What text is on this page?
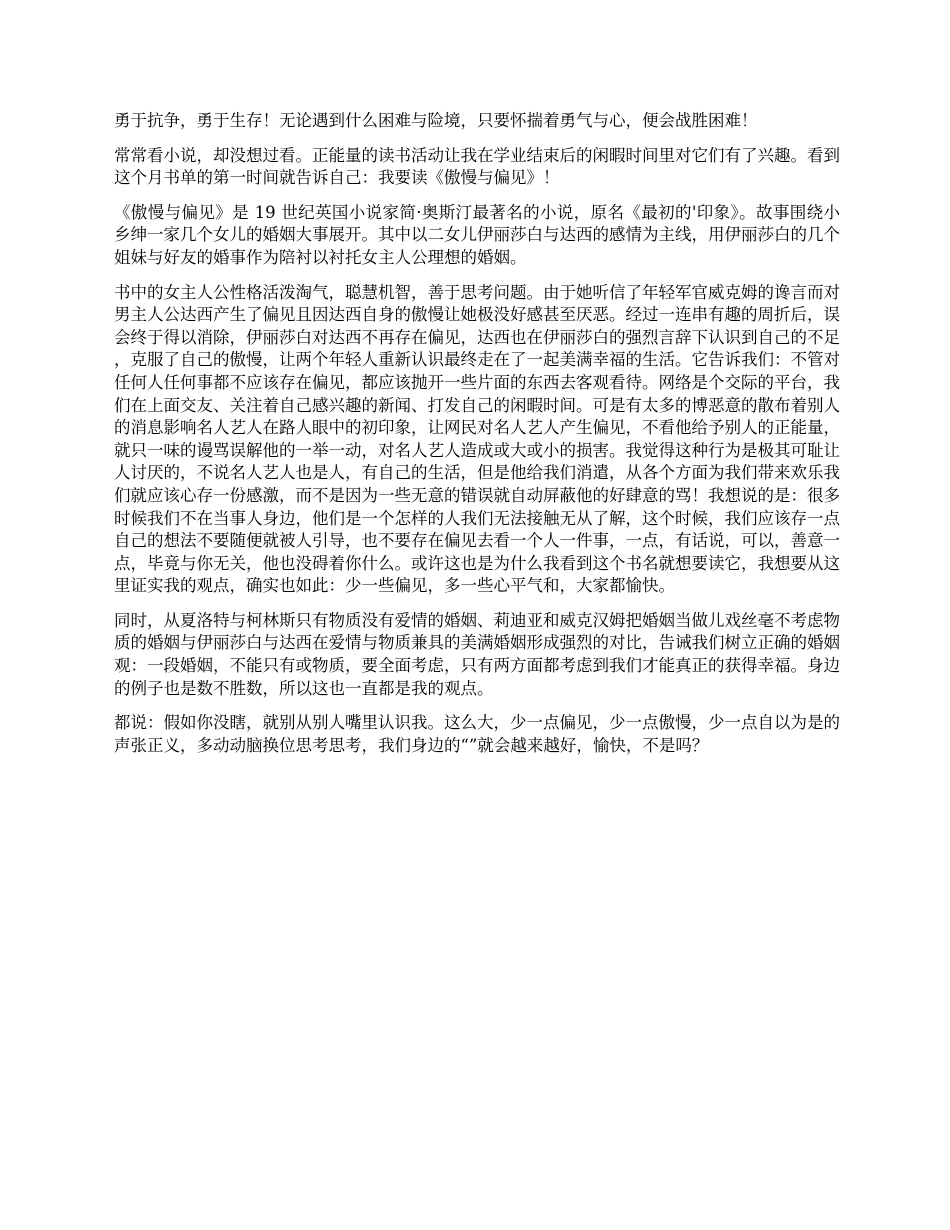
勇于抗争，勇于生存！无论遇到什么困难与险境，只要怀揣着勇气与心，便会战胜困难！

常常看小说，却没想过看。正能量的读书活动让我在学业结束后的闲暇时间里对它们有了兴趣。看到这个月书单的第一时间就告诉自己：我要读《傲慢与偏见》！

《傲慢与偏见》是 19 世纪英国小说家简·奥斯汀最著名的小说，原名《最初的'印象》。故事围绕小乡绅一家几个女儿的婚姻大事展开。其中以二女儿伊丽莎白与达西的感情为主线，用伊丽莎白的几个姐妹与好友的婚事作为陪衬以衬托女主人公理想的婚姻。

书中的女主人公性格活泼淘气，聪慧机智，善于思考问题。由于她听信了年轻军官威克姆的谗言而对男主人公达西产生了偏见且因达西自身的傲慢让她极没好感甚至厌恶。经过一连串有趣的周折后，误会终于得以消除，伊丽莎白对达西不再存在偏见，达西也在伊丽莎白的强烈言辞下认识到自己的不足，克服了自己的傲慢，让两个年轻人重新认识最终走在了一起美满幸福的生活。它告诉我们：不管对任何人任何事都不应该存在偏见，都应该抛开一些片面的东西去客观看待。网络是个交际的平台，我们在上面交友、关注着自己感兴趣的新闻、打发自己的闲暇时间。可是有太多的博恶意的散布着别人的消息影响名人艺人在路人眼中的初印象，让网民对名人艺人产生偏见，不看他给予别人的正能量，就只一味的谩骂误解他的一举一动，对名人艺人造成或大或小的损害。我觉得这种行为是极其可耻让人讨厌的，不说名人艺人也是人，有自己的生活，但是他给我们消遣，从各个方面为我们带来欢乐我们就应该心存一份感激，而不是因为一些无意的错误就自动屏蔽他的好肆意的骂！我想说的是：很多时候我们不在当事人身边，他们是一个怎样的人我们无法接触无从了解，这个时候，我们应该存一点自己的想法不要随便就被人引导，也不要存在偏见去看一个人一件事，一点，有话说，可以，善意一点，毕竟与你无关，他也没碍着你什么。或许这也是为什么我看到这个书名就想要读它，我想要从这里证实我的观点，确实也如此：少一些偏见，多一些心平气和，大家都愉快。

同时，从夏洛特与柯林斯只有物质没有爱情的婚姻、莉迪亚和威克汉姆把婚姻当做儿戏丝毫不考虑物质的婚姻与伊丽莎白与达西在爱情与物质兼具的美满婚姻形成强烈的对比，告诫我们树立正确的婚姻观：一段婚姻，不能只有或物质，要全面考虑，只有两方面都考虑到我们才能真正的获得幸福。身边的例子也是数不胜数，所以这也一直都是我的观点。

都说：假如你没瞎，就别从别人嘴里认识我。这么大，少一点偏见，少一点傲慢，少一点自以为是的声张正义，多动动脑换位思考思考，我们身边的“”就会越来越好，愉快，不是吗？
